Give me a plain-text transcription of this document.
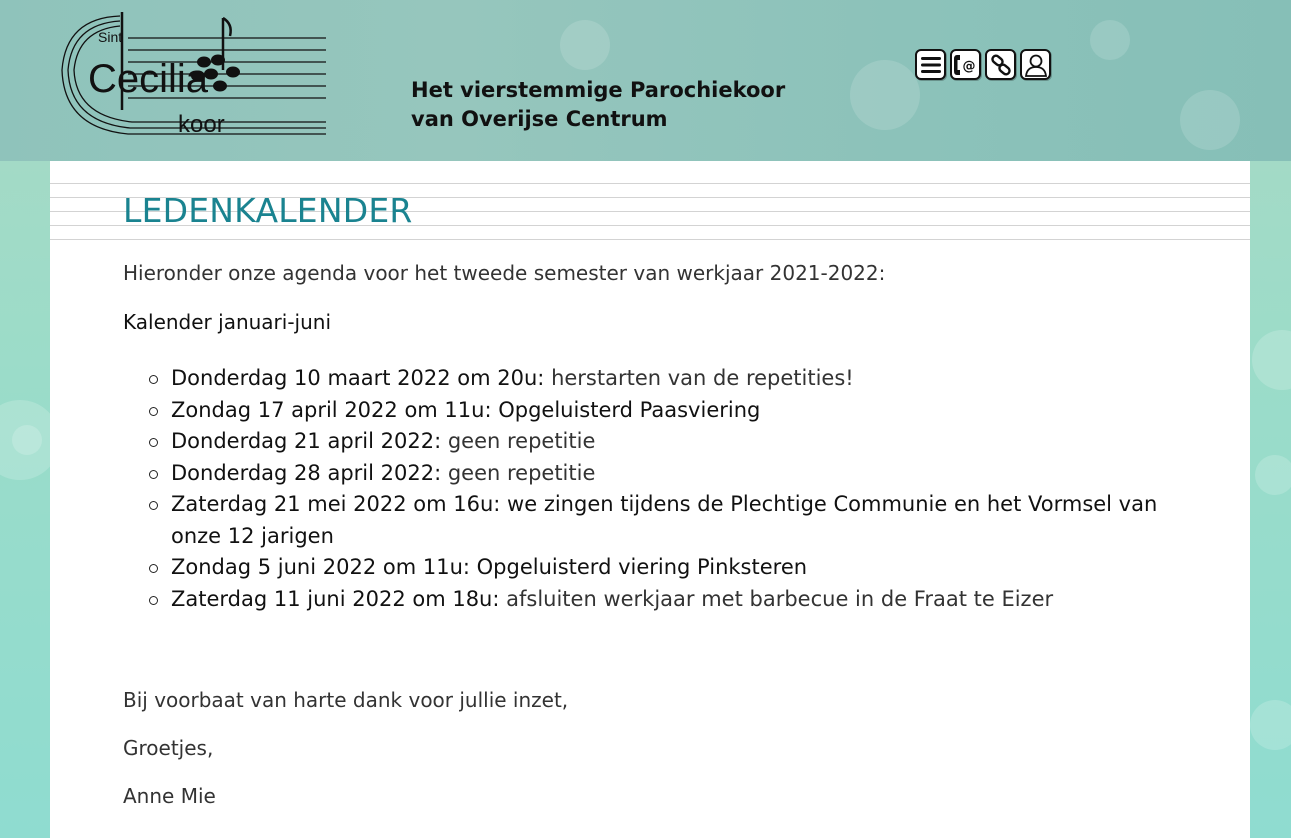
Sint
Cecilia
koor

Het vierstemmige Parochiekoor
van Overijse Centrum

@
LEDENKALENDER

Hieronder onze agenda voor het tweede semester van werkjaar 2021-2022:

Kalender januari-juni

Donderdag 10 maart 2022 om 20u: herstarten van de repetities!
Zondag 17 april 2022 om 11u: Opgeluisterd Paasviering
Donderdag 21 april 2022: geen repetitie
Donderdag 28 april 2022: geen repetitie
Zaterdag 21 mei 2022 om 16u: we zingen tijdens de Plechtige Communie en het Vormsel van onze 12 jarigen
Zondag 5 juni 2022 om 11u: Opgeluisterd viering Pinksteren
Zaterdag 11 juni 2022 om 18u: afsluiten werkjaar met barbecue in de Fraat te Eizer

Bij voorbaat van harte dank voor jullie inzet,

Groetjes,

Anne Mie
